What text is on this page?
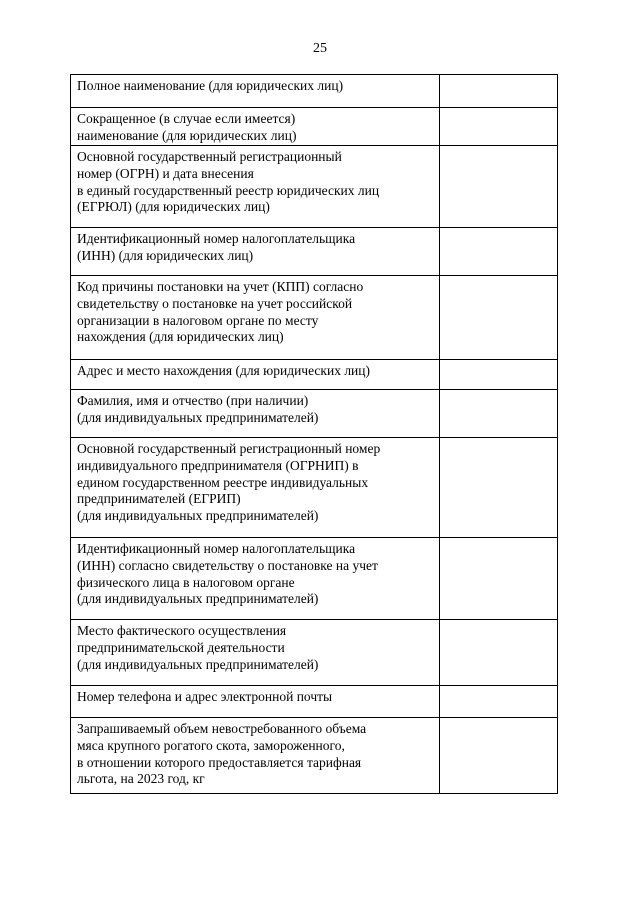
25
Полное наименование (для юридических лиц)	
Сокращенное (в случае если имеется)
наименование (для юридических лиц)	
Основной государственный регистрационный
номер (ОГРН) и дата внесения
в единый государственный реестр юридических лиц
(ЕГРЮЛ) (для юридических лиц)	
Идентификационный номер налогоплательщика
(ИНН) (для юридических лиц)	
Код причины постановки на учет (КПП) согласно
свидетельству о постановке на учет российской
организации в налоговом органе по месту
нахождения (для юридических лиц)	
Адрес и место нахождения (для юридических лиц)	
Фамилия, имя и отчество (при наличии)
(для индивидуальных предпринимателей)	
Основной государственный регистрационный номер
индивидуального предпринимателя (ОГРНИП) в
едином государственном реестре индивидуальных
предпринимателей (ЕГРИП)
(для индивидуальных предпринимателей)	
Идентификационный номер налогоплательщика
(ИНН) согласно свидетельству о постановке на учет
физического лица в налоговом органе
(для индивидуальных предпринимателей)	
Место фактического осуществления
предпринимательской деятельности
(для индивидуальных предпринимателей)	
Номер телефона и адрес электронной почты	
Запрашиваемый объем невостребованного объема
мяса крупного рогатого скота, замороженного,
в отношении которого предоставляется тарифная
льгота, на 2023 год, кг	
